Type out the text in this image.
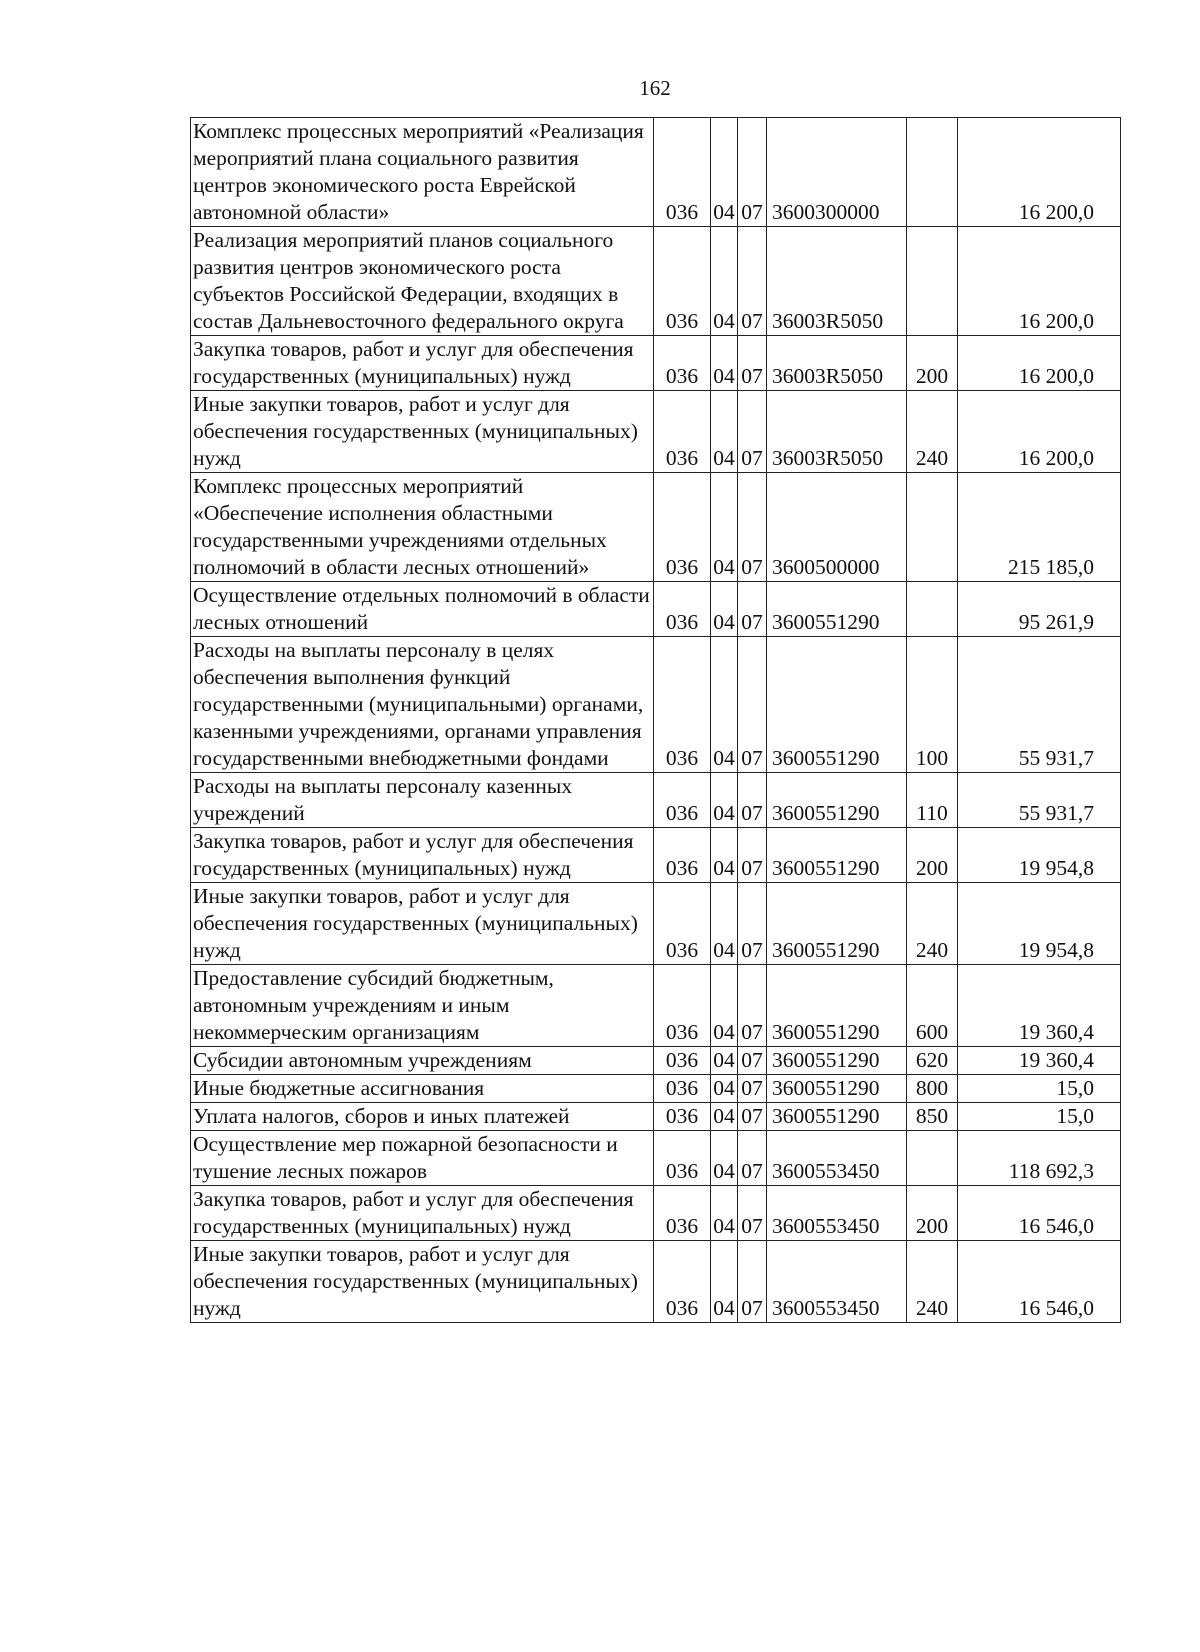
162
Комплекс процессных мероприятий «Реализация мероприятий плана социального развития центров экономического роста Еврейской автономной области»	036	04	07	3600300000		16 200,0
Реализация мероприятий планов социального развития центров экономического роста субъектов Российской Федерации, входящих в состав Дальневосточного федерального округа	036	04	07	36003R5050		16 200,0
Закупка товаров, работ и услуг для обеспечения государственных (муниципальных) нужд	036	04	07	36003R5050	200	16 200,0
Иные закупки товаров, работ и услуг для обеспечения государственных (муниципальных) нужд	036	04	07	36003R5050	240	16 200,0
Комплекс процессных мероприятий «Обеспечение исполнения областными государственными учреждениями отдельных полномочий в области лесных отношений»	036	04	07	3600500000		215 185,0
Осуществление отдельных полномочий в области лесных отношений	036	04	07	3600551290		95 261,9
Расходы на выплаты персоналу в целях обеспечения выполнения функций государственными (муниципальными) органами, казенными учреждениями, органами управления государственными внебюджетными фондами	036	04	07	3600551290	100	55 931,7
Расходы на выплаты персоналу казенных учреждений	036	04	07	3600551290	110	55 931,7
Закупка товаров, работ и услуг для обеспечения государственных (муниципальных) нужд	036	04	07	3600551290	200	19 954,8
Иные закупки товаров, работ и услуг для обеспечения государственных (муниципальных) нужд	036	04	07	3600551290	240	19 954,8
Предоставление субсидий бюджетным, автономным учреждениям и иным некоммерческим организациям	036	04	07	3600551290	600	19 360,4
Субсидии автономным учреждениям	036	04	07	3600551290	620	19 360,4
Иные бюджетные ассигнования	036	04	07	3600551290	800	15,0
Уплата налогов, сборов и иных платежей	036	04	07	3600551290	850	15,0
Осуществление мер пожарной безопасности и тушение лесных пожаров	036	04	07	3600553450		118 692,3
Закупка товаров, работ и услуг для обеспечения государственных (муниципальных) нужд	036	04	07	3600553450	200	16 546,0
Иные закупки товаров, работ и услуг для обеспечения государственных (муниципальных) нужд	036	04	07	3600553450	240	16 546,0
